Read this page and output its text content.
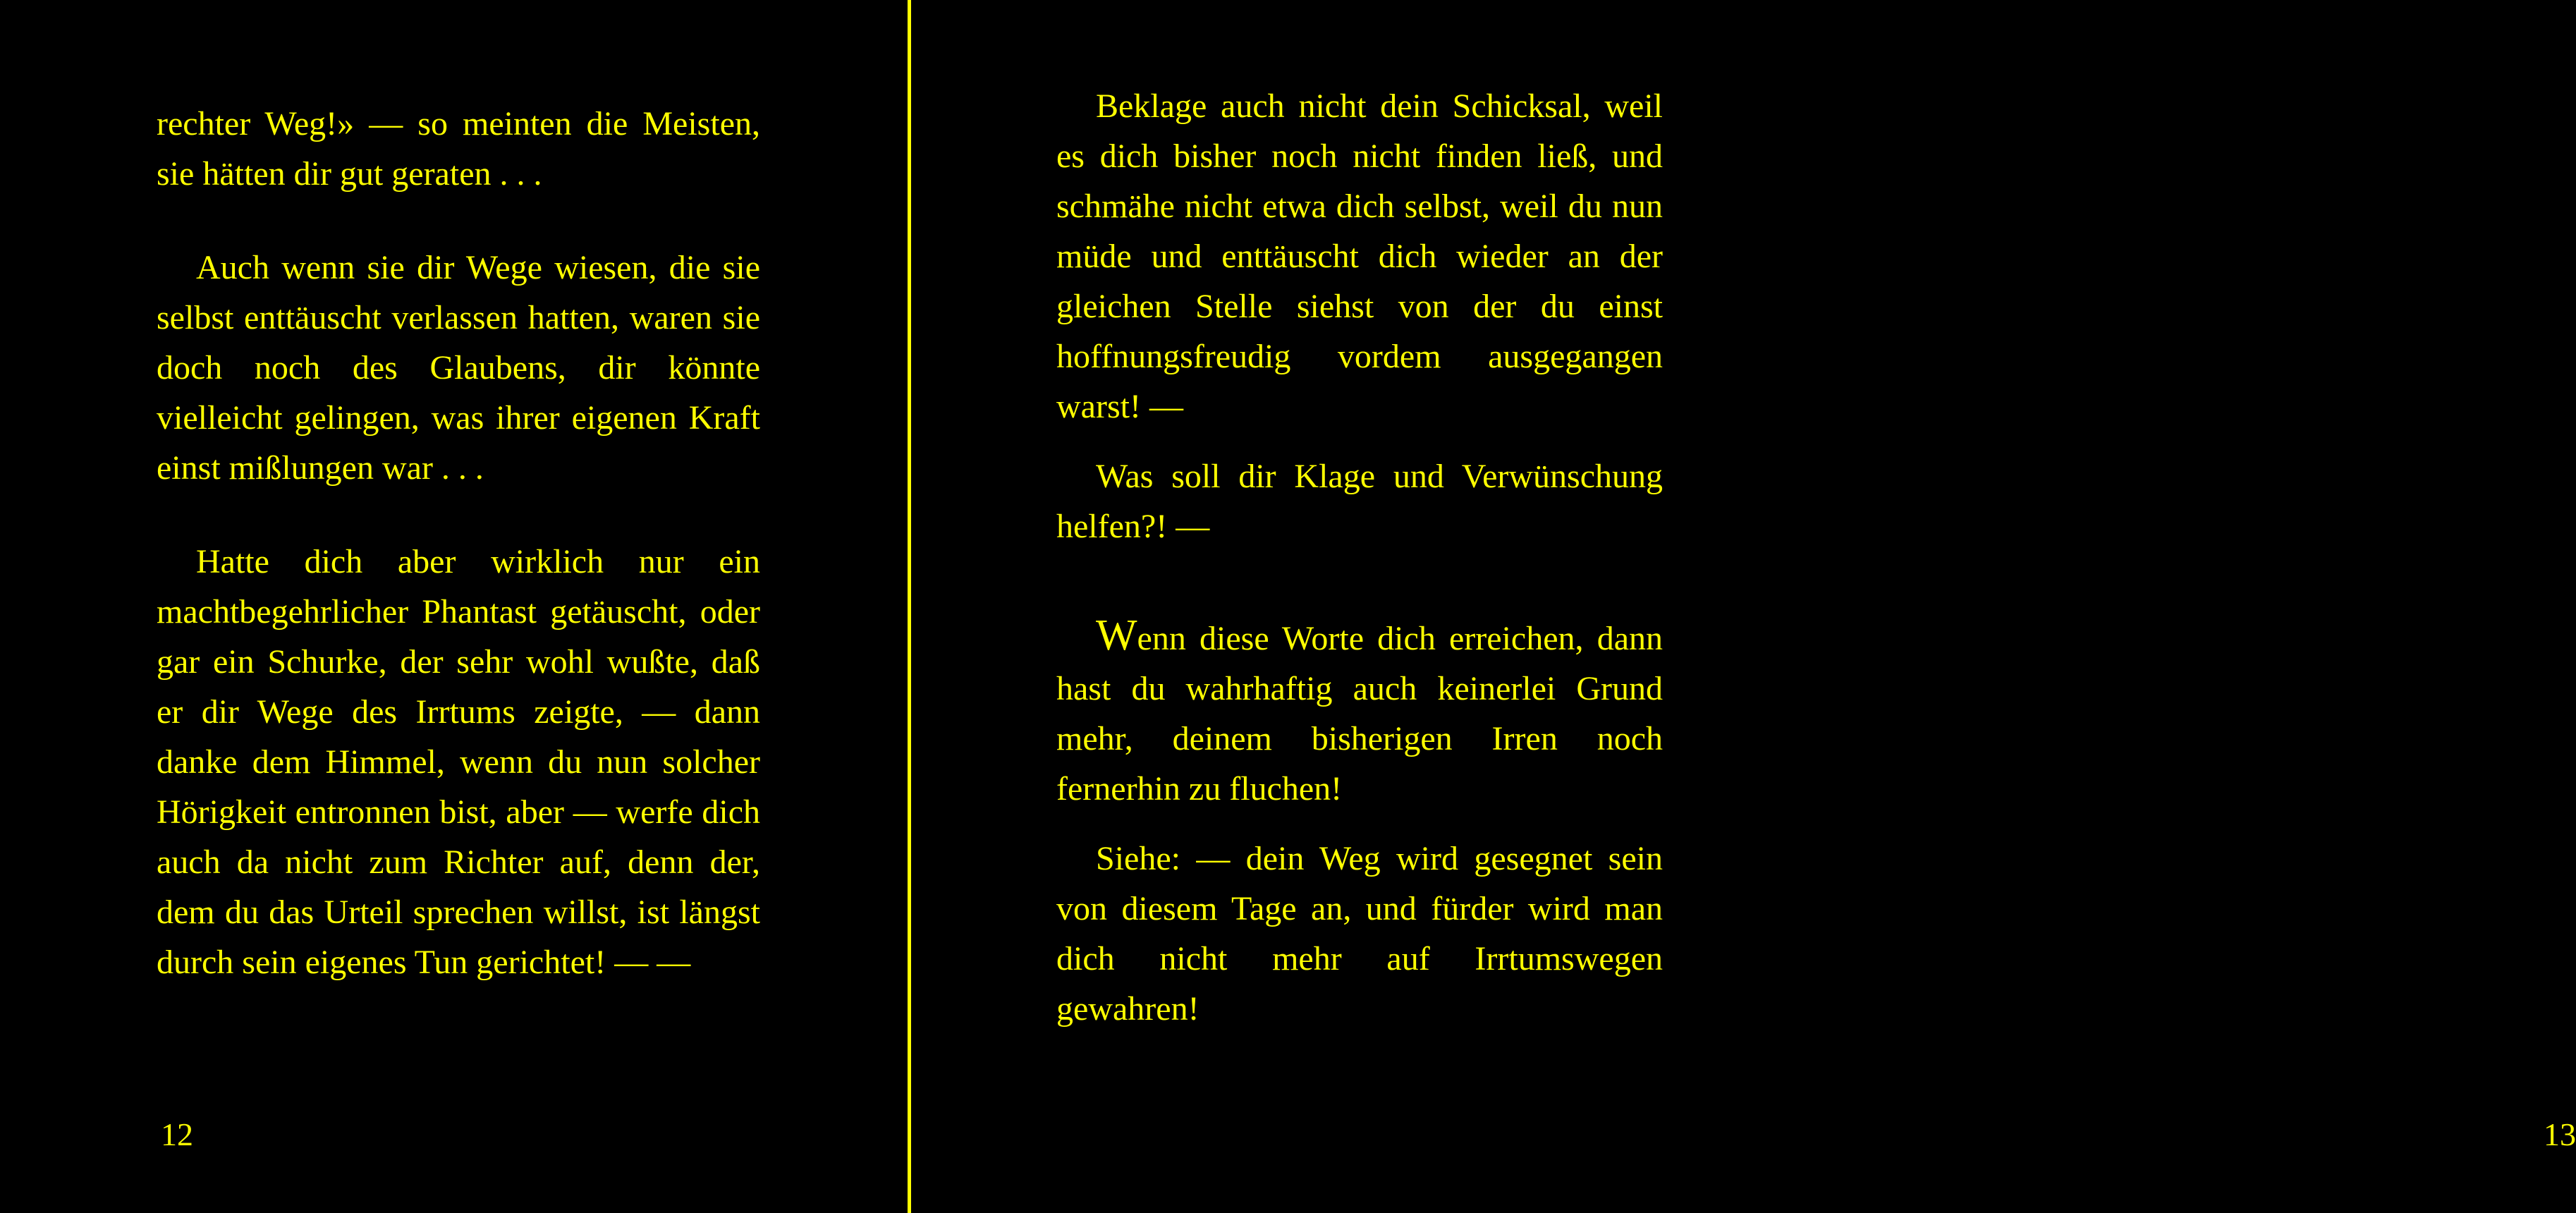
rechter Weg!» — so meinten die Meisten, sie hätten dir gut geraten . . .

Auch wenn sie dir Wege wiesen, die sie selbst enttäuscht verlassen hatten, waren sie doch noch des Glaubens, dir könnte vielleicht gelingen, was ihrer eigenen Kraft einst mißlungen war . . .

Hatte dich aber wirklich nur ein machtbegehrlicher Phantast getäuscht, oder gar ein Schurke, der sehr wohl wußte, daß er dir Wege des Irrtums zeigte, — dann danke dem Himmel, wenn du nun solcher Hörigkeit entronnen bist, aber — werfe dich auch da nicht zum Richter auf, denn der, dem du das Urteil sprechen willst, ist längst durch sein eigenes Tun gerichtet! — —

12

Beklage auch nicht dein Schicksal, weil es dich bisher noch nicht finden ließ, und schmähe nicht etwa dich selbst, weil du nun müde und enttäuscht dich wieder an der gleichen Stelle siehst von der du einst hoffnungsfreudig vordem ausgegangen warst! —

Was soll dir Klage und Verwünschung helfen?! —

Wenn diese Worte dich erreichen, dann hast du wahrhaftig auch keinerlei Grund mehr, deinem bisherigen Irren noch fernerhin zu fluchen!

Siehe: — dein Weg wird gesegnet sein von diesem Tage an, und fürder wird man dich nicht mehr auf Irrtumswegen gewahren!

13
